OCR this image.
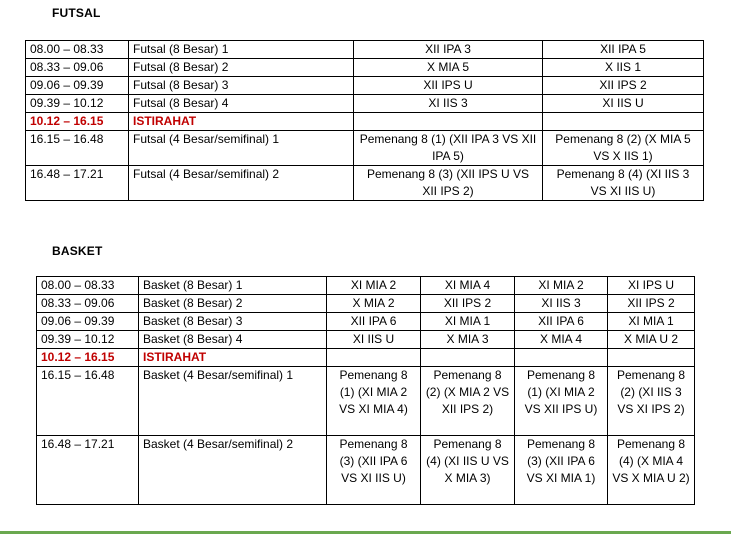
FUTSAL
08.00 – 08.33	Futsal (8 Besar) 1	XII IPA 3	XII IPA 5
08.33 – 09.06	Futsal (8 Besar) 2	X MIA 5	X IIS 1
09.06 – 09.39	Futsal (8 Besar) 3	XII IPS U	XII IPS 2
09.39 – 10.12	Futsal (8 Besar) 4	XI IIS 3	XI IIS U
10.12 – 16.15	ISTIRAHAT		
16.15 – 16.48	Futsal (4 Besar/semifinal) 1	Pemenang 8 (1) (XII IPA 3 VS XII IPA 5)	Pemenang 8 (2) (X MIA 5 VS X IIS 1)
16.48 – 17.21	Futsal (4 Besar/semifinal) 2	Pemenang 8 (3) (XII IPS U VS XII IPS 2)	Pemenang 8 (4) (XI IIS 3 VS XI IIS U)
BASKET
08.00 – 08.33	Basket (8 Besar) 1	XI MIA 2	XI MIA 4	XI MIA 2	XI IPS U
08.33 – 09.06	Basket (8 Besar) 2	X MIA 2	XII IPS 2	XI IIS 3	XII IPS 2
09.06 – 09.39	Basket (8 Besar) 3	XII IPA 6	XI MIA 1	XII IPA 6	XI MIA 1
09.39 – 10.12	Basket (8 Besar) 4	XI IIS U	X MIA 3	X MIA 4	X MIA U 2
10.12 – 16.15	ISTIRAHAT				
16.15 – 16.48	Basket (4 Besar/semifinal) 1	Pemenang 8 (1) (XI MIA 2 VS XI MIA 4)	Pemenang 8 (2) (X MIA 2 VS XII IPS 2)	Pemenang 8 (1) (XI MIA 2 VS XII IPS U)	Pemenang 8 (2) (XI IIS 3 VS XI IPS 2)
16.48 – 17.21	Basket (4 Besar/semifinal) 2	Pemenang 8 (3) (XII IPA 6 VS XI IIS U)	Pemenang 8 (4) (XI IIS U VS X MIA 3)	Pemenang 8 (3) (XII IPA 6 VS XI MIA 1)	Pemenang 8 (4) (X MIA 4 VS X MIA U 2)
